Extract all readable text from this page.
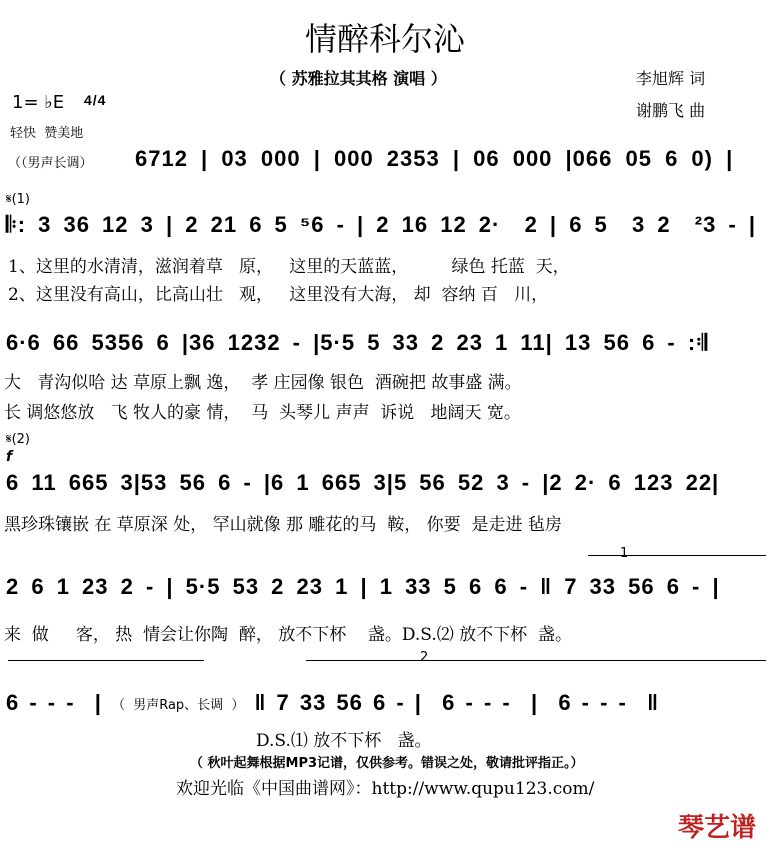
情醉科尔沁
（ 苏雅拉其其格 演唱 ）	李旭辉 词
谢鹏飞 曲
1= ♭E 4/4
轻快  赞美地
（（男声长调） 6712 | 03 000 | 000 2353 | 06 000 |066 05 6 0) |
𝄋(1)
𝄆: 3 36 12 3 | 2 21 6 5 ⁵6 - | 2 16 12 2·  2 | 6 5  3 2  ²3 - |
1、这里的水清清，滋润着草   原，   这里的天蓝蓝，        绿色 托蓝  天，
2、这里没有高山，比高山壮   观，   这里没有大海， 却  容纳 百   川，
6·6 66 5356 6 |36 1232 - |5·5 5 33 2 23 1 11| 13 56 6 - :𝄇
大   青沟似哈 达 草原上飘 逸，  孝 庄园像 银色  酒碗把 故事盛 满。
长 调悠悠放   飞 牧人的豪 情，  马  头琴儿 声声  诉说   地阔天 宽。
𝄋(2)
f
6 11 665 3|53 56 6 - |6 1 665 3|5 56 52 3 - |2 2· 6 123 22|
黑珍珠镶嵌 在 草原深 处， 罕山就像 那 雕花的马  鞍， 你要  是走进 毡房
1
2 6 1 23 2 - | 5·5 53 2 23 1 | 1 33 5 6 6 - ‖ 7 33 56 6 - |
来  做     客， 热  情会让你陶  醉， 放不下杯    盏。D.S.⑵ 放不下杯  盏。
2
6 - - -  | （  男声Rap、长调  ） ‖ 7 33 56 6 - |  6 - - -  |  6 - - -  ‖
D.S.⑴ 放不下杯   盏。
（ 秋叶起舞根据MP3记谱，仅供参考。错误之处，敬请批评指正。）
欢迎光临《中国曲谱网》：http://www.qupu123.com/
琴艺谱
